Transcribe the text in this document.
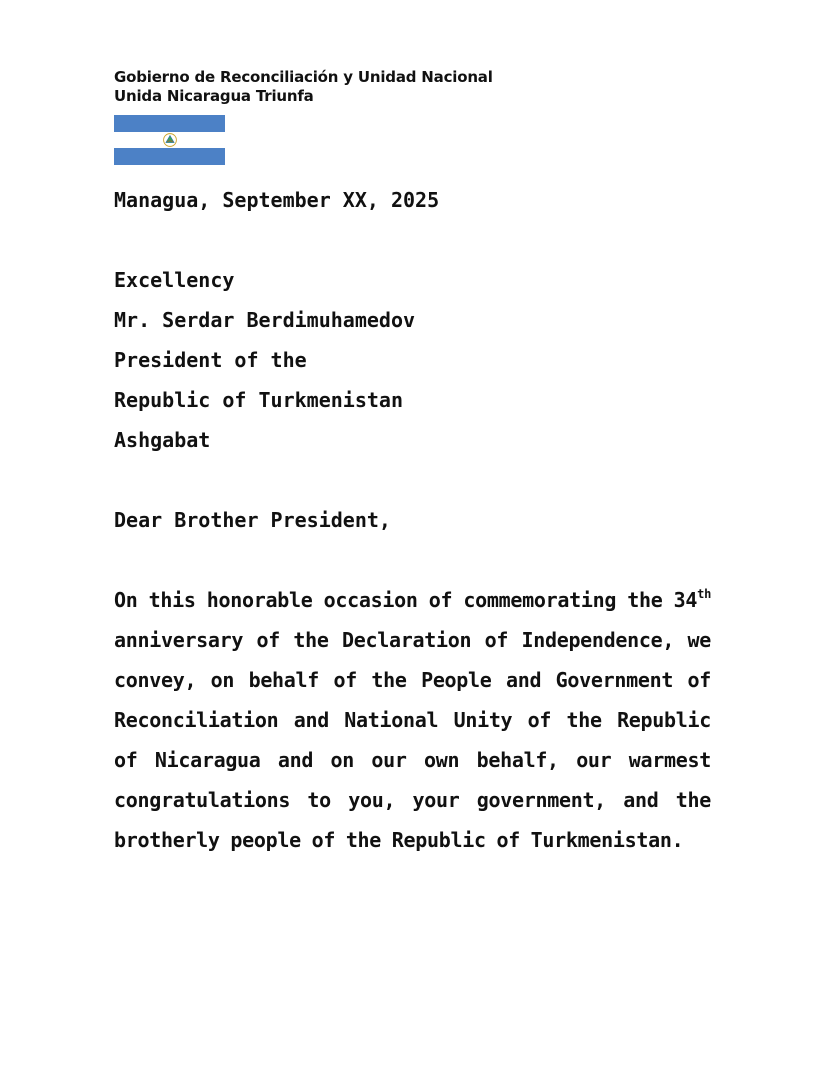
Gobierno de Reconciliación y Unidad Nacional
Unida Nicaragua Triunfa
Managua, September XX, 2025
Excellency
Mr. Serdar Berdimuhamedov
President of the
Republic of Turkmenistan
Ashgabat
Dear Brother President,

On this honorable occasion of commemorating the 34th anniversary of the Declaration of Independence, we convey, on behalf of the People and Government of Reconciliation and National Unity of the Republic of Nicaragua and on our own behalf, our warmest congratulations to you, your government, and the brotherly people of the Republic of Turkmenistan.
